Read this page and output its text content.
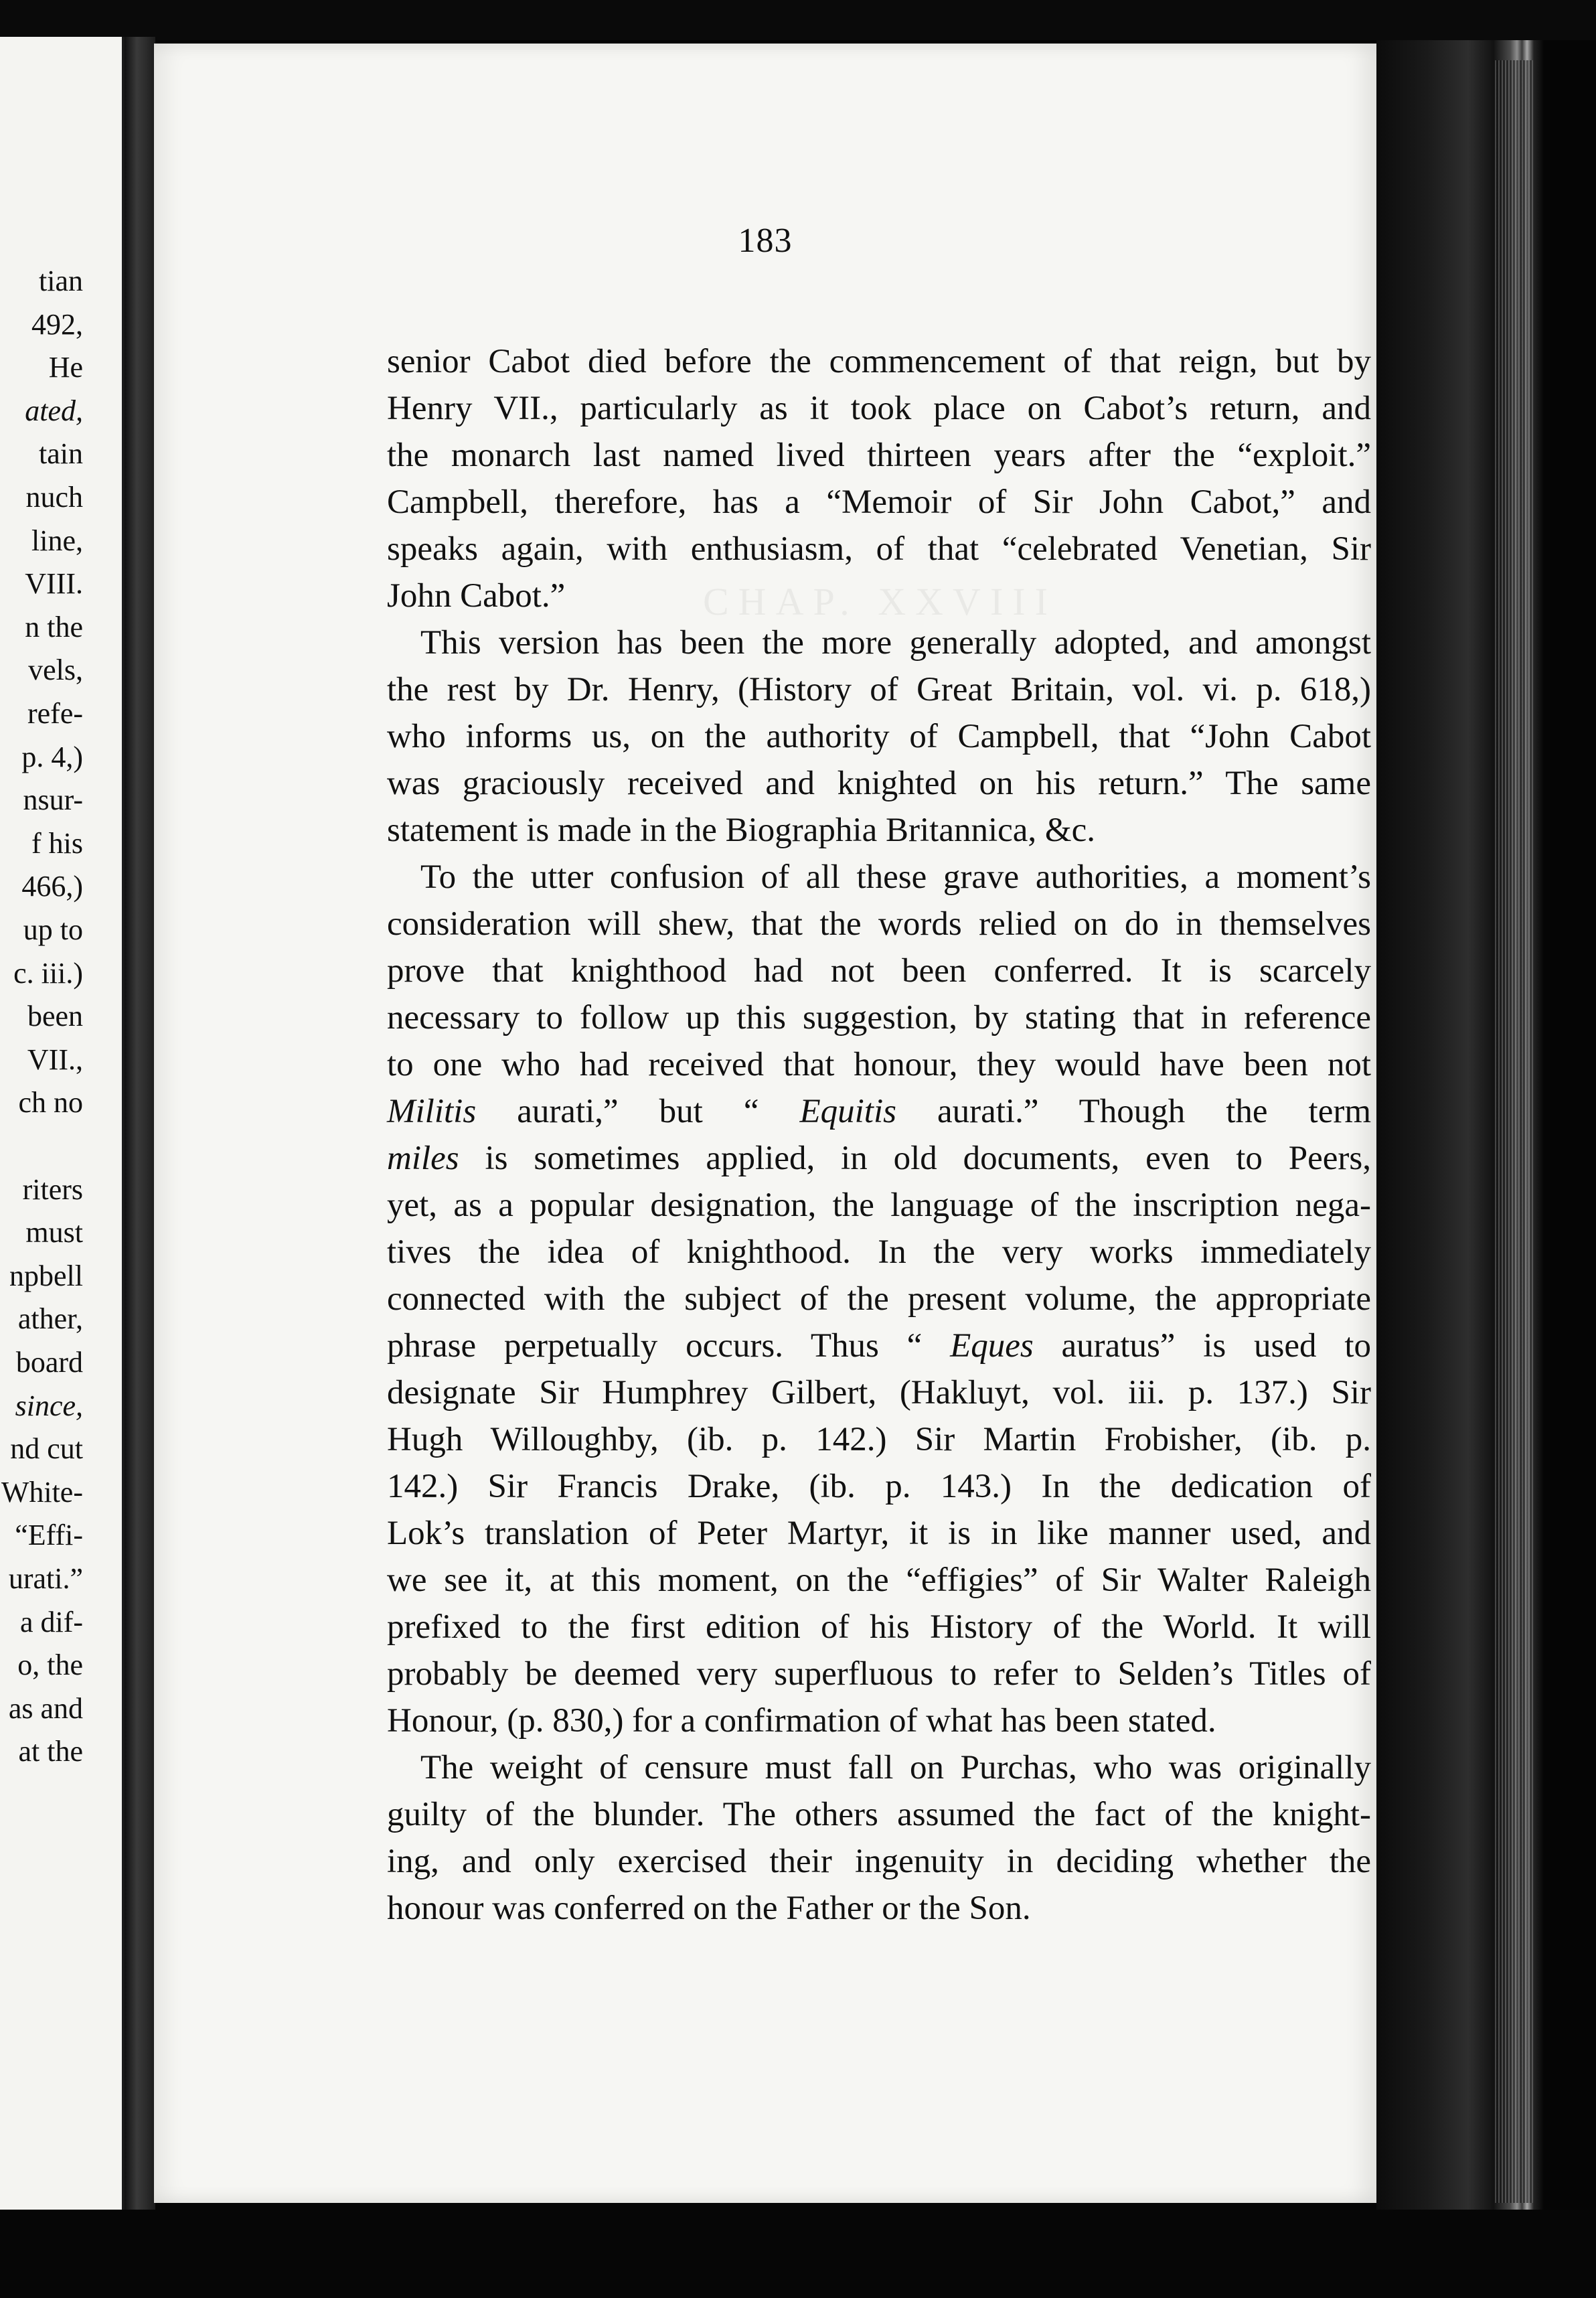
tian
492,
He
ated,
tain
nuch
line,
VIII.
n the
vels,
refe-
p. 4,)
nsur-
f his
466,)
up to
c. iii.)
been
VII.,
ch no
riters
must
npbell
ather,
board
since,
nd cut
White-
“Effi-
urati.”
a dif-
o, the
as and
at the
CHAP. XXVIII
183
senior Cabot died before the commencement of that reign, but by
Henry VII., particularly as it took place on Cabot’s return, and
the monarch last named lived thirteen years after the “exploit.”
Campbell, therefore, has a “Memoir of Sir John Cabot,” and
speaks again, with enthusiasm, of that “celebrated Venetian, Sir
John Cabot.”
This version has been the more generally adopted, and amongst
the rest by Dr. Henry, (History of Great Britain, vol. vi. p. 618,)
who informs us, on the authority of Campbell, that “John Cabot
was graciously received and knighted on his return.” The same
statement is made in the Biographia Britannica, &c.
To the utter confusion of all these grave authorities, a moment’s
consideration will shew, that the words relied on do in themselves
prove that knighthood had not been conferred. It is scarcely
necessary to follow up this suggestion, by stating that in reference
to one who had received that honour, they would have been not
Militis aurati,” but “ Equitis aurati.” Though the term
miles is sometimes applied, in old documents, even to Peers,
yet, as a popular designation, the language of the inscription nega-
tives the idea of knighthood. In the very works immediately
connected with the subject of the present volume, the appropriate
phrase perpetually occurs. Thus “ Eques auratus” is used to
designate Sir Humphrey Gilbert, (Hakluyt, vol. iii. p. 137.) Sir
Hugh Willoughby, (ib. p. 142.) Sir Martin Frobisher, (ib. p.
142.) Sir Francis Drake, (ib. p. 143.) In the dedication of
Lok’s translation of Peter Martyr, it is in like manner used, and
we see it, at this moment, on the “effigies” of Sir Walter Raleigh
prefixed to the first edition of his History of the World. It will
probably be deemed very superfluous to refer to Selden’s Titles of
Honour, (p. 830,) for a confirmation of what has been stated.
The weight of censure must fall on Purchas, who was originally
guilty of the blunder. The others assumed the fact of the knight-
ing, and only exercised their ingenuity in deciding whether the
honour was conferred on the Father or the Son.
